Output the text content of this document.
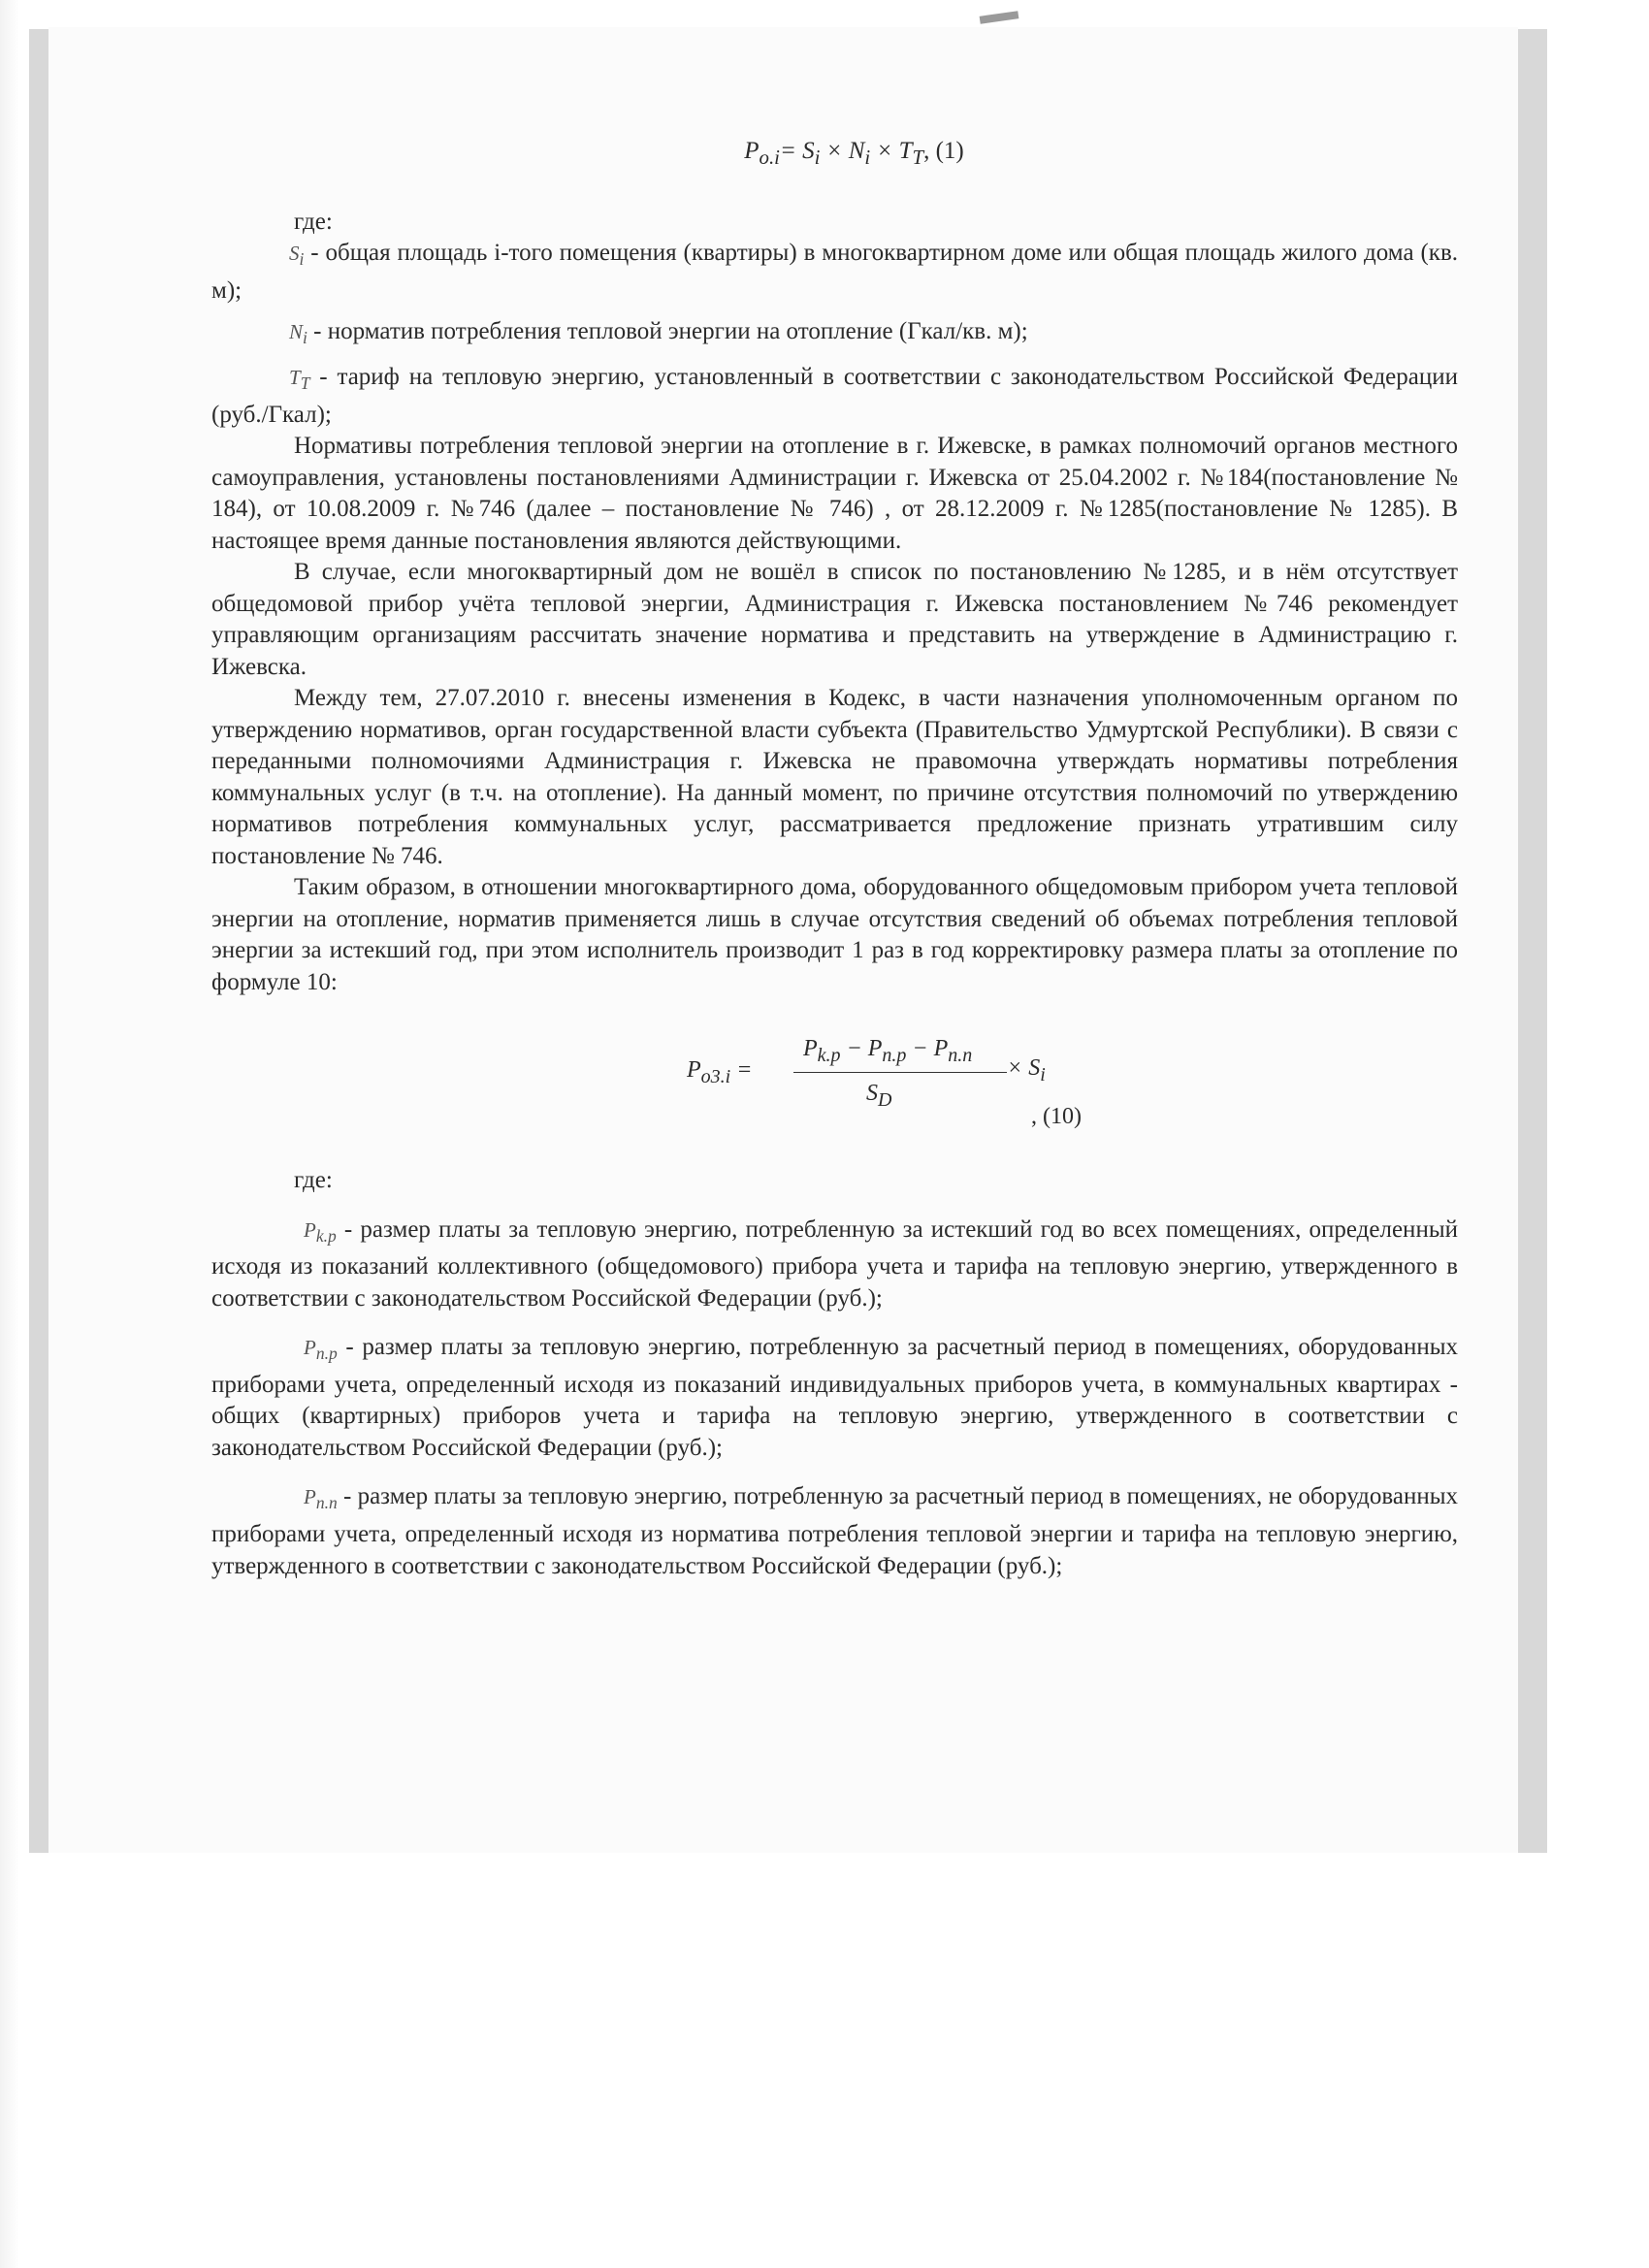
$P_{o.i}= S_i \times N_i \times T_T$, (1)

где:

$S_i$ - общая площадь i-того помещения (квартиры) в многоквартирном доме или общая площадь жилого дома (кв. м);

$N_i$ - норматив потребления тепловой энергии на отопление (Гкал/кв. м);

$T_T$ - тариф на тепловую энергию, установленный в соответствии с законодательством Российской Федерации (руб./Гкал);

Нормативы потребления тепловой энергии на отопление в г. Ижевске, в рамках полномочий органов местного самоуправления, установлены постановлениями Администрации г. Ижевска от 25.04.2002 г. №184(постановление № 184), от 10.08.2009 г. №746 (далее – постановление № 746) , от 28.12.2009 г. №1285(постановление № 1285). В настоящее время данные постановления являются действующими.

В случае, если многоквартирный дом не вошёл в список по постановлению №1285, и в нём отсутствует общедомовой прибор учёта тепловой энергии, Администрация г. Ижевска постановлением №746 рекомендует управляющим организациям рассчитать значение норматива и представить на утверждение в Администрацию г. Ижевска.

Между тем, 27.07.2010 г. внесены изменения в Кодекс, в части назначения уполномоченным органом по утверждению нормативов, орган государственной власти субъекта (Правительство Удмуртской Республики). В связи с переданными полномочиями Администрация г. Ижевска не правомочна утверждать нормативы потребления коммунальных услуг (в т.ч. на отопление). На данный момент, по причине отсутствия полномочий по утверждению нормативов потребления коммунальных услуг, рассматривается предложение признать утратившим силу постановление № 746.

Таким образом, в отношении многоквартирного дома, оборудованного общедомовым прибором учета тепловой энергии на отопление, норматив применяется лишь в случае отсутствия сведений об объемах потребления тепловой энергии за истекший год, при этом исполнитель производит 1 раз в год корректировку размера платы за отопление по формуле 10:

$P_{o3.i}$ =
$P_{k.p} - P_{n.p} - P_{n.n}$
$S_D$
× $S_i$
, (10)

где:

$P_{k.p}$ - размер платы за тепловую энергию, потребленную за истекший год во всех помещениях, определенный исходя из показаний коллективного (общедомового) прибора учета и тарифа на тепловую энергию, утвержденного в соответствии с законодательством Российской Федерации (руб.);

$P_{n.p}$ - размер платы за тепловую энергию, потребленную за расчетный период в помещениях, оборудованных приборами учета, определенный исходя из показаний индивидуальных приборов учета, в коммунальных квартирах - общих (квартирных) приборов учета и тарифа на тепловую энергию, утвержденного в соответствии с законодательством Российской Федерации (руб.);

$P_{n.n}$ - размер платы за тепловую энергию, потребленную за расчетный период в помещениях, не оборудованных приборами учета, определенный исходя из норматива потребления тепловой энергии и тарифа на тепловую энергию, утвержденного в соответствии с законодательством Российской Федерации (руб.);
